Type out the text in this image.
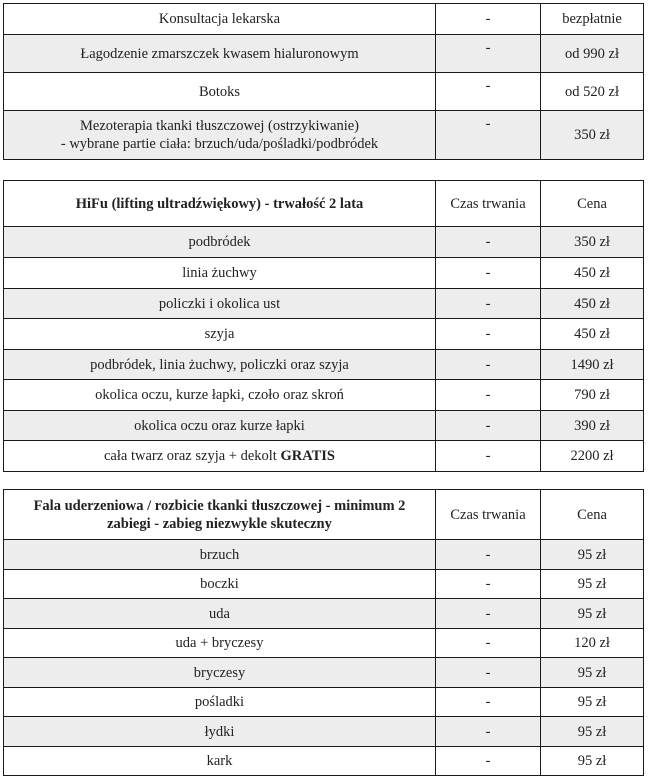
Konsultacja lekarska	-	bezpłatnie
Łagodzenie zmarszczek kwasem hialuronowym	-	od 990 zł
Botoks	-	od 520 zł

Mezoterapia tkanki tłuszczowej (ostrzykiwanie)
- wybrane partie ciała: brzuch/uda/pośladki/podbródek	-	350 zł
HiFu (lifting ultradźwiękowy) - trwałość 2 lata	Czas trwania	Cena
podbródek	-	350 zł
linia żuchwy	-	450 zł
policzki i okolica ust	-	450 zł
szyja	-	450 zł
podbródek, linia żuchwy, policzki oraz szyja	-	1490 zł
okolica oczu, kurze łapki, czoło oraz skroń	-	790 zł
okolica oczu oraz kurze łapki	-	390 zł
cała twarz oraz szyja + dekolt GRATIS	-	2200 zł
Fala uderzeniowa / rozbicie tkanki tłuszczowej - minimum 2
zabiegi - zabieg niezwykle skuteczny	Czas trwania	Cena
brzuch	-	95 zł
boczki	-	95 zł
uda	-	95 zł
uda + bryczesy	-	120 zł
bryczesy	-	95 zł
pośladki	-	95 zł
łydki	-	95 zł
kark	-	95 zł
